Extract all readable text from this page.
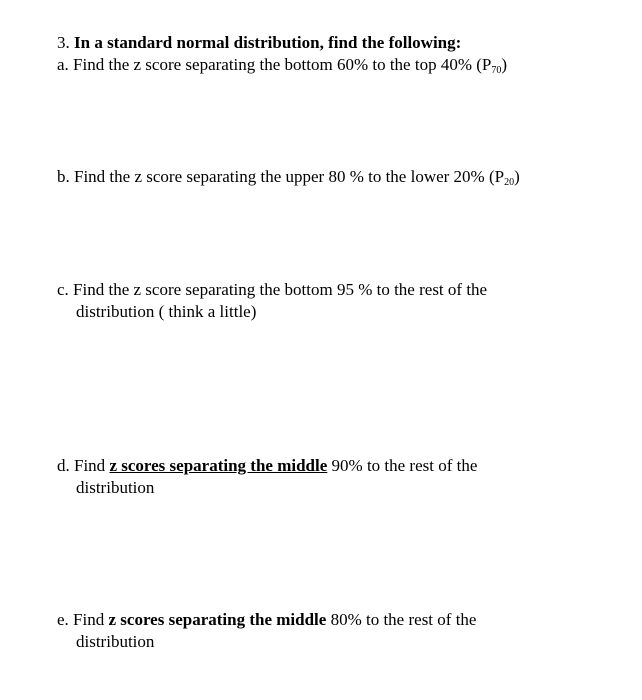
3. In a standard normal distribution, find the following:
a. Find the z score separating the bottom 60% to the top 40% $(P_{70})$
b. Find the z score separating the upper 80 % to the lower 20% $(P_{20})$
c. Find the z score separating the bottom 95 % to the rest of the
distribution ( think a little)
d. Find z scores separating the middle 90% to the rest of the
distribution
e. Find z scores separating the middle 80% to the rest of the
distribution
